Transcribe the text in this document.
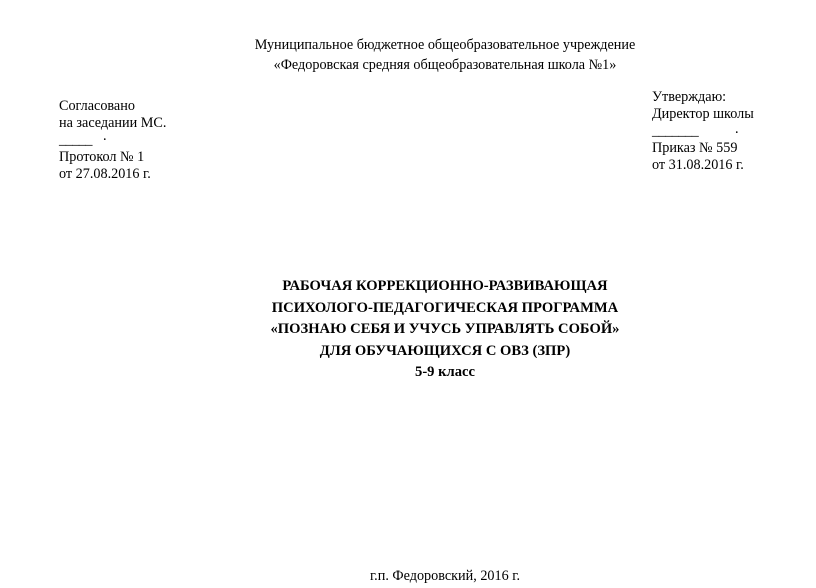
Муниципальное бюджетное общеобразовательное учреждение
«Федоровская средняя общеобразовательная школа №1»
Согласовано
на заседании МС.
_____ .
Протокол № 1
от 27.08.2016 г.
Утверждаю:
Директор школы
_______	.
Приказ № 559
от 31.08.2016 г.
РАБОЧАЯ КОРРЕКЦИОННО-РАЗВИВАЮЩАЯ
ПСИХОЛОГО-ПЕДАГОГИЧЕСКАЯ ПРОГРАММА
«ПОЗНАЮ СЕБЯ И УЧУСЬ УПРАВЛЯТЬ СОБОЙ»
ДЛЯ ОБУЧАЮЩИХСЯ С ОВЗ (ЗПР)
5-9 класс
г.п. Федоровский, 2016 г.
